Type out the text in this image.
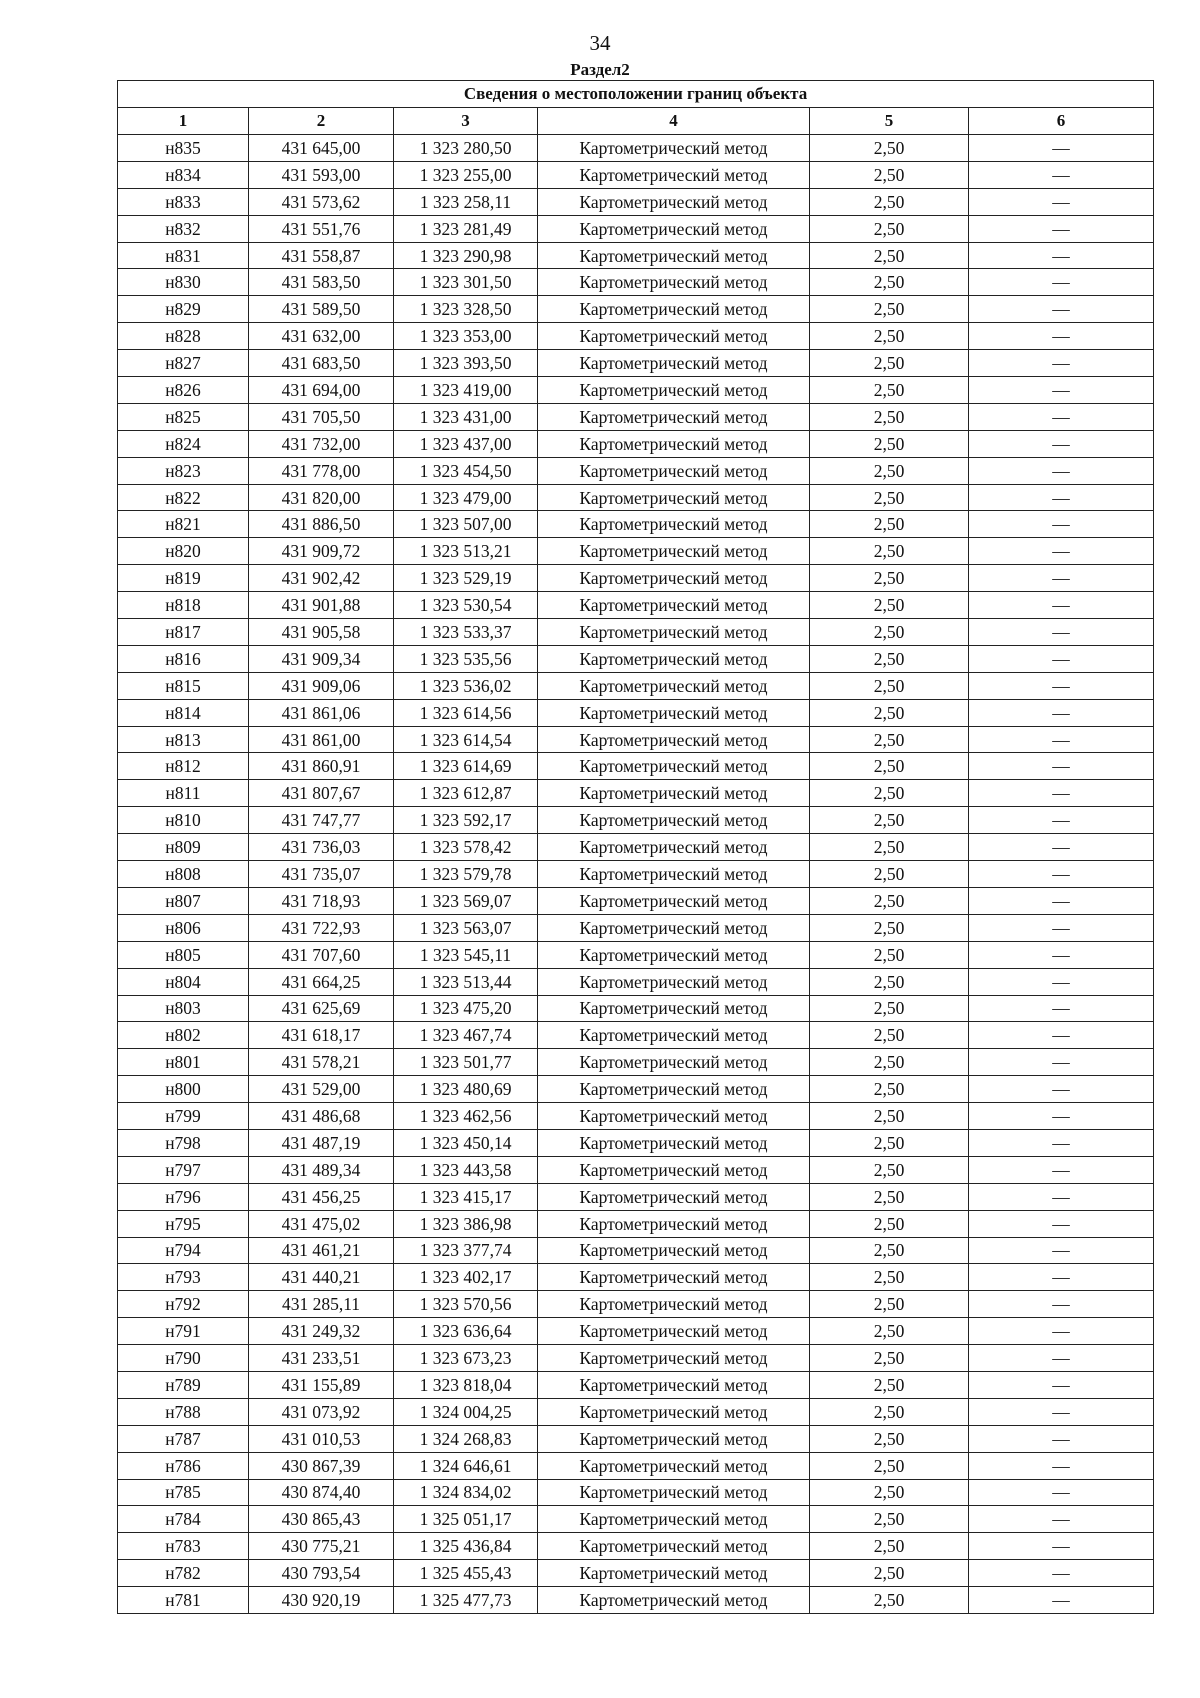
34
Раздел2
Сведения о местоположении границ объекта					
1	2	3	4	5	6
н835	431 645,00	1 323 280,50	Картометрический метод	2,50	—
н834	431 593,00	1 323 255,00	Картометрический метод	2,50	—
н833	431 573,62	1 323 258,11	Картометрический метод	2,50	—
н832	431 551,76	1 323 281,49	Картометрический метод	2,50	—
н831	431 558,87	1 323 290,98	Картометрический метод	2,50	—
н830	431 583,50	1 323 301,50	Картометрический метод	2,50	—
н829	431 589,50	1 323 328,50	Картометрический метод	2,50	—
н828	431 632,00	1 323 353,00	Картометрический метод	2,50	—
н827	431 683,50	1 323 393,50	Картометрический метод	2,50	—
н826	431 694,00	1 323 419,00	Картометрический метод	2,50	—
н825	431 705,50	1 323 431,00	Картометрический метод	2,50	—
н824	431 732,00	1 323 437,00	Картометрический метод	2,50	—
н823	431 778,00	1 323 454,50	Картометрический метод	2,50	—
н822	431 820,00	1 323 479,00	Картометрический метод	2,50	—
н821	431 886,50	1 323 507,00	Картометрический метод	2,50	—
н820	431 909,72	1 323 513,21	Картометрический метод	2,50	—
н819	431 902,42	1 323 529,19	Картометрический метод	2,50	—
н818	431 901,88	1 323 530,54	Картометрический метод	2,50	—
н817	431 905,58	1 323 533,37	Картометрический метод	2,50	—
н816	431 909,34	1 323 535,56	Картометрический метод	2,50	—
н815	431 909,06	1 323 536,02	Картометрический метод	2,50	—
н814	431 861,06	1 323 614,56	Картометрический метод	2,50	—
н813	431 861,00	1 323 614,54	Картометрический метод	2,50	—
н812	431 860,91	1 323 614,69	Картометрический метод	2,50	—
н811	431 807,67	1 323 612,87	Картометрический метод	2,50	—
н810	431 747,77	1 323 592,17	Картометрический метод	2,50	—
н809	431 736,03	1 323 578,42	Картометрический метод	2,50	—
н808	431 735,07	1 323 579,78	Картометрический метод	2,50	—
н807	431 718,93	1 323 569,07	Картометрический метод	2,50	—
н806	431 722,93	1 323 563,07	Картометрический метод	2,50	—
н805	431 707,60	1 323 545,11	Картометрический метод	2,50	—
н804	431 664,25	1 323 513,44	Картометрический метод	2,50	—
н803	431 625,69	1 323 475,20	Картометрический метод	2,50	—
н802	431 618,17	1 323 467,74	Картометрический метод	2,50	—
н801	431 578,21	1 323 501,77	Картометрический метод	2,50	—
н800	431 529,00	1 323 480,69	Картометрический метод	2,50	—
н799	431 486,68	1 323 462,56	Картометрический метод	2,50	—
н798	431 487,19	1 323 450,14	Картометрический метод	2,50	—
н797	431 489,34	1 323 443,58	Картометрический метод	2,50	—
н796	431 456,25	1 323 415,17	Картометрический метод	2,50	—
н795	431 475,02	1 323 386,98	Картометрический метод	2,50	—
н794	431 461,21	1 323 377,74	Картометрический метод	2,50	—
н793	431 440,21	1 323 402,17	Картометрический метод	2,50	—
н792	431 285,11	1 323 570,56	Картометрический метод	2,50	—
н791	431 249,32	1 323 636,64	Картометрический метод	2,50	—
н790	431 233,51	1 323 673,23	Картометрический метод	2,50	—
н789	431 155,89	1 323 818,04	Картометрический метод	2,50	—
н788	431 073,92	1 324 004,25	Картометрический метод	2,50	—
н787	431 010,53	1 324 268,83	Картометрический метод	2,50	—
н786	430 867,39	1 324 646,61	Картометрический метод	2,50	—
н785	430 874,40	1 324 834,02	Картометрический метод	2,50	—
н784	430 865,43	1 325 051,17	Картометрический метод	2,50	—
н783	430 775,21	1 325 436,84	Картометрический метод	2,50	—
н782	430 793,54	1 325 455,43	Картометрический метод	2,50	—
н781	430 920,19	1 325 477,73	Картометрический метод	2,50	—
